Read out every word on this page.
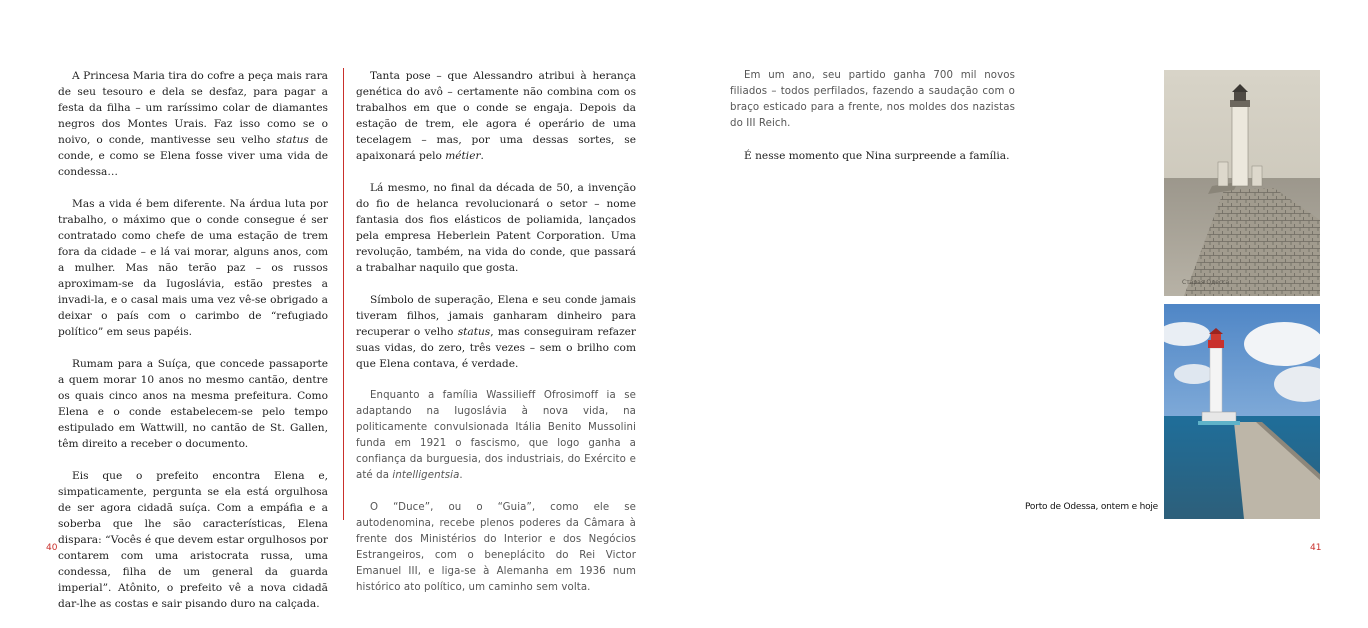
A Princesa Maria tira do cofre a peça mais rara de seu tesouro e dela se desfaz, para pagar a festa da filha – um raríssimo colar de diamantes negros dos Montes Urais. Faz isso como se o noivo, o conde, mantivesse seu velho status de conde, e como se Elena fosse viver uma vida de condessa…

Mas a vida é bem diferente. Na árdua luta por trabalho, o máximo que o conde consegue é ser contratado como chefe de uma estação de trem fora da cidade – e lá vai morar, alguns anos, com a mulher. Mas não terão paz – os russos aproximam-se da Iugoslávia, estão prestes a invadi-la, e o casal mais uma vez vê-se obrigado a deixar o país com o carimbo de “refugiado político” em seus papéis.

Rumam para a Suíça, que concede passaporte a quem morar 10 anos no mesmo cantão, dentre os quais cinco anos na mesma prefeitura. Como Elena e o conde estabelecem-se pelo tempo estipulado em Wattwill, no cantão de St. Gallen, têm direito a receber o documento.

Eis que o prefeito encontra Elena e, simpaticamente, pergunta se ela está orgulhosa de ser agora cidadã suíça. Com a empáfia e a soberba que lhe são características, Elena dispara: “Vocês é que devem estar orgulhosos por contarem com uma aristocrata russa, uma condessa, filha de um general da guarda imperial”. Atônito, o prefeito vê a nova cidadã dar-lhe as costas e sair pisando duro na calçada.

Tanta pose – que Alessandro atribui à herança genética do avô – certamente não combina com os trabalhos em que o conde se engaja. Depois da estação de trem, ele agora é operário de uma tecelagem – mas, por uma dessas sortes, se apaixonará pelo métier.

Lá mesmo, no final da década de 50, a invenção do fio de helanca revolucionará o setor – nome fantasia dos fios elásticos de poliamida, lançados pela empresa Heberlein Patent Corporation. Uma revolução, também, na vida do conde, que passará a trabalhar naquilo que gosta.

Símbolo de superação, Elena e seu conde jamais tiveram filhos, jamais ganharam dinheiro para recuperar o velho status, mas conseguiram refazer suas vidas, do zero, três vezes – sem o brilho com que Elena contava, é verdade.

Enquanto a família Wassilieff Ofrosimoff ia se adaptando na Iugoslávia à nova vida, na politicamente convulsionada Itália Benito Mussolini funda em 1921 o fascismo, que logo ganha a confiança da burguesia, dos industriais, do Exército e até da intelligentsia.

O “Duce”, ou o “Guia”, como ele se autodenomina, recebe plenos poderes da Câmara à frente dos Ministérios do Interior e dos Negócios Estrangeiros, com o beneplácito do Rei Victor Emanuel III, e liga-se à Alemanha em 1936 num histórico ato político, um caminho sem volta.

Em um ano, seu partido ganha 700 mil novos filiados – todos perfilados, fazendo a saudação com o braço esticado para a frente, nos moldes dos nazistas do III Reich.

É nesse momento que Nina surpreende a família.

Старая Одесса
Porto de Odessa, ontem e hoje
40	41
